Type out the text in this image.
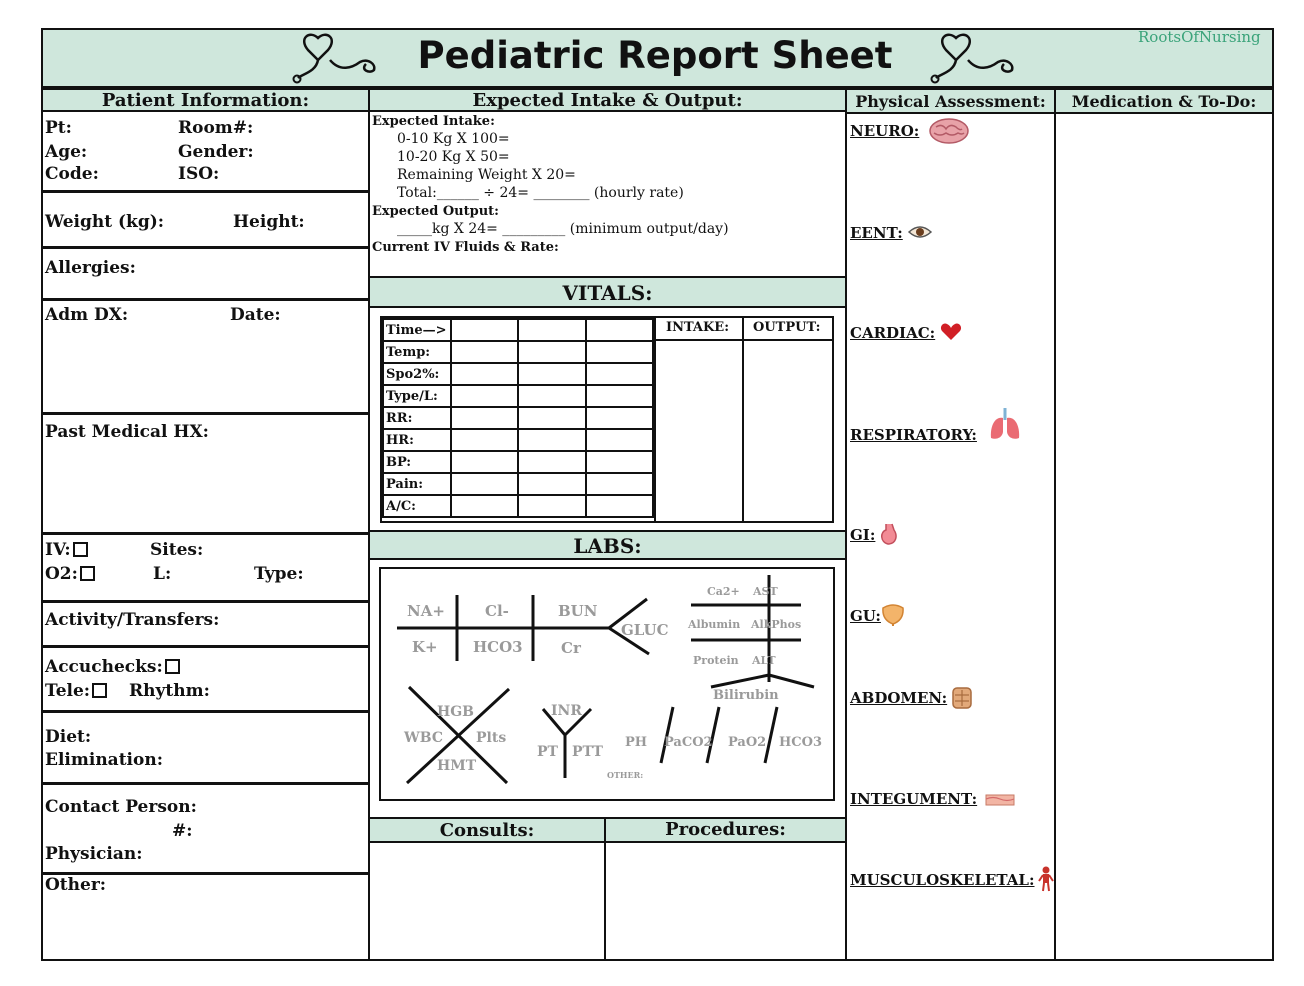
Pediatric Report Sheet	RootsOfNursing
Patient Information:
Pt:	Room#:
Age:	Gender:
Code:	ISO:
Weight (kg):	Height:
Allergies:
Adm DX:	Date:
Past Medical HX:
IV:	Sites:
O2:	L:	Type:
Activity/Transfers:
Accuchecks:
Tele:	Rhythm:
Diet:
Elimination:
Contact Person:
#:
Physician:
Other:
Expected Intake & Output:
Expected Intake:
0-10 Kg X 100=
10-20 Kg X 50=
Remaining Weight X 20=
Total:______ ÷ 24= ________ (hourly rate)
Expected Output:
_____kg X 24= _________ (minimum output/day)
Current IV Fluids & Rate:
VITALS:
Time—>			
Temp:			
Spo2%:			
Type/L:			
RR:			
HR:			
BP:			
Pain:			
A/C:			
INTAKE: OUTPUT:
LABS:
NA+	Cl-	BUN
GLUC
K+ HCO3	Cr
Ca2+ AST
Albumin AlkPhos
Protein ALT
Bilirubin
HGB
WBC Plts
HMT
INR
PT PTT
PH PaCO2 PaO2 HCO3
OTHER:
Consults:	Procedures:
Physical Assessment:
NEURO:
EENT:
CARDIAC:
RESPIRATORY:
GI:
GU:
ABDOMEN:
INTEGUMENT:
MUSCULOSKELETAL:
Medication & To-Do:
